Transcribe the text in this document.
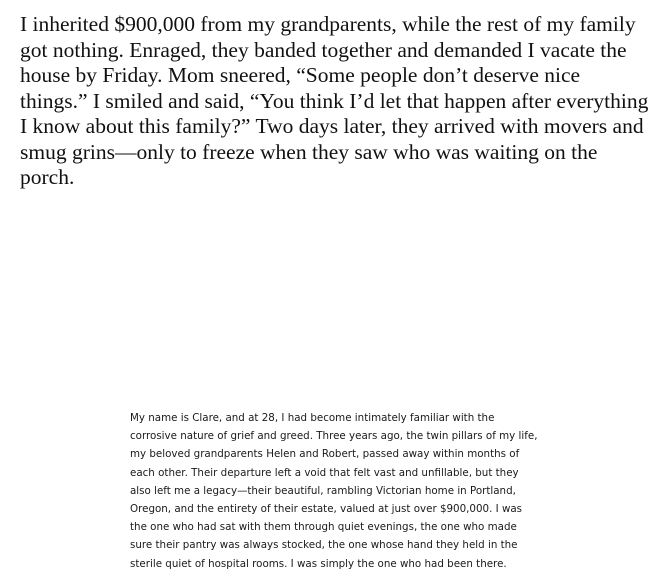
I inherited $900,000 from my grandparents, while the rest of my family got nothing. Enraged, they banded together and demanded I vacate the house by Friday. Mom sneered, “Some people don’t deserve nice things.” I smiled and said, “You think I’d let that happen after everything I know about this family?” Two days later, they arrived with movers and smug grins—only to freeze when they saw who was waiting on the porch.

My name is Clare, and at 28, I had become intimately familiar with the corrosive nature of grief and greed. Three years ago, the twin pillars of my life, my beloved grandparents Helen and Robert, passed away within months of each other. Their departure left a void that felt vast and unfillable, but they also left me a legacy—their beautiful, rambling Victorian home in Portland, Oregon, and the entirety of their estate, valued at just over $900,000. I was the one who had sat with them through quiet evenings, the one who made sure their pantry was always stocked, the one whose hand they held in the sterile quiet of hospital rooms. I was simply the one who had been there.
